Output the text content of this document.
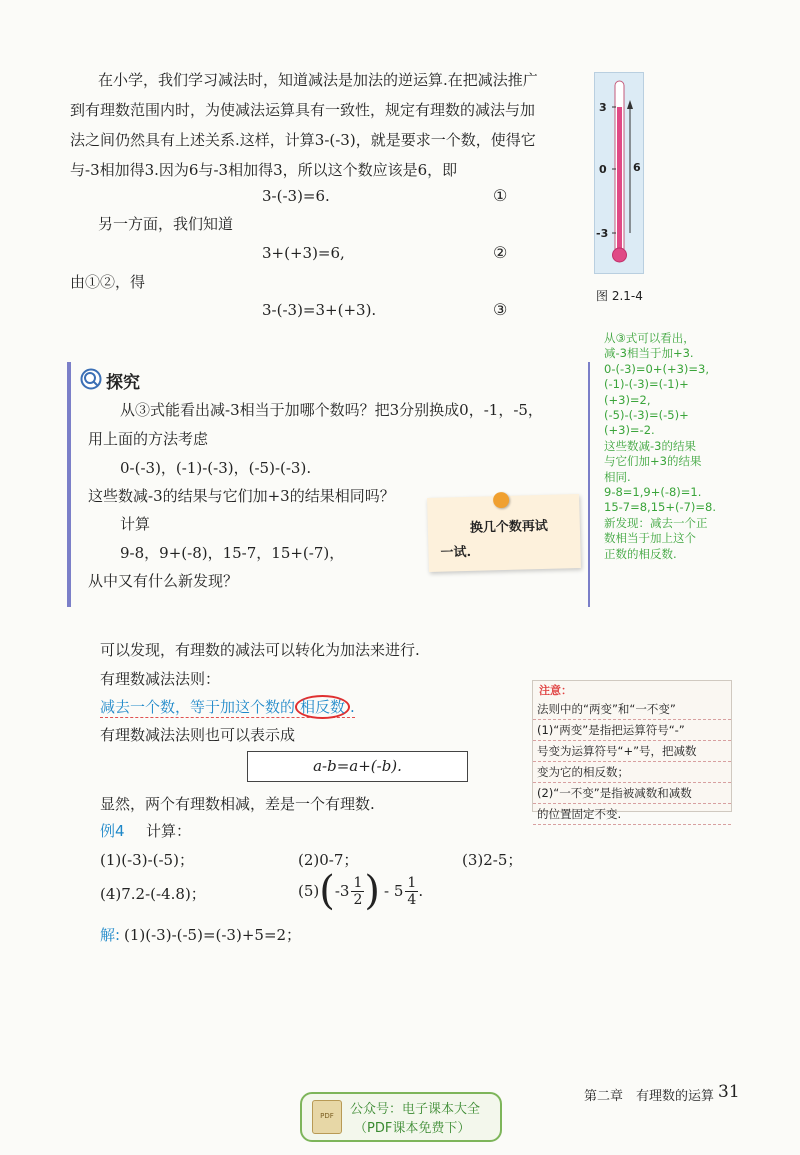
在小学，我们学习减法时，知道减法是加法的逆运算.在把减法推广
到有理数范围内时，为使减法运算具有一致性，规定有理数的减法与加
法之间仍然具有上述关系.这样，计算3-(-3)，就是要求一个数，使得它
与-3相加得3.因为6与-3相加得3，所以这个数应该是6，即
3-(-3)=6.	①
另一方面，我们知道
3+(+3)=6,	②
由①②，得
3-(-3)=3+(+3).	③
3
0 6
-3
图 2.1-4
探究
从③式能看出减-3相当于加哪个数吗？把3分别换成0，-1，-5，
用上面的方法考虑
0-(-3)，(-1)-(-3)，(-5)-(-3).
这些数减-3的结果与它们加+3的结果相同吗？
计算
9-8，9+(-8)，15-7，15+(-7)，
从中又有什么新发现？
换几个数再试
一试.
从③式可以看出，
减-3相当于加+3.
0-(-3)=0+(+3)=3,
(-1)-(-3)=(-1)+
(+3)=2,
(-5)-(-3)=(-5)+
(+3)=-2.
这些数减-3的结果
与它们加+3的结果
相同.
9-8=1,9+(-8)=1.
15-7=8,15+(-7)=8.
新发现：减去一个正
数相当于加上这个
正数的相反数.
可以发现，有理数的减法可以转化为加法来进行.
有理数减法法则：
减去一个数，等于加这个数的 相反数 .
有理数减法法则也可以表示成
a-b=a+(-b).
显然，两个有理数相减，差是一个有理数.
注意：
法则中的“两变”和“一不变”
(1)“两变”是指把运算符号“-”
号变为运算符号“+”号，把减数
变为它的相反数；
(2)“一不变”是指被减数和减数
的位置固定不变.
例4 计算：
(1)(-3)-(-5)；	(2)0-7；	(3)2-5；
(4)7.2-(-4.8)；	(5) ( $-3 \frac{1}{2}$ ) - $5 \frac{1}{4}$ .
解: (1)(-3)-(-5)=(-3)+5=2；
第二章 有理数的运算 31
PDF	公众号：电子课本大全
（PDF课本免费下）
